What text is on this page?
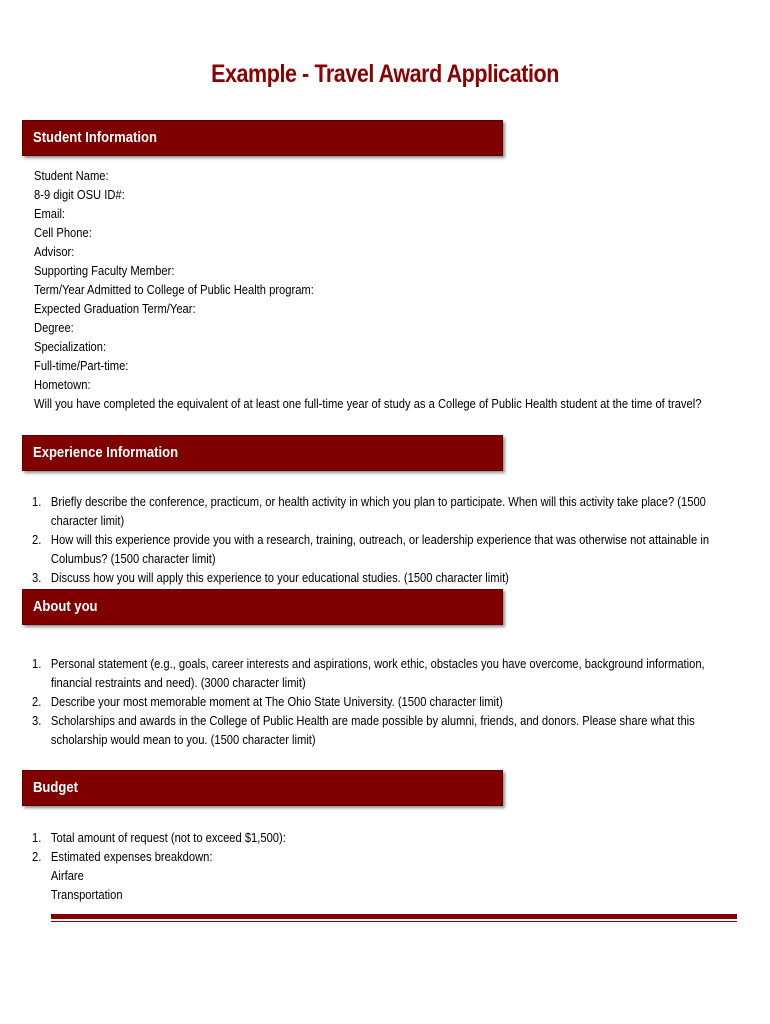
Example - Travel Award Application
Student Information
Student Name:
8-9 digit OSU ID#:
Email:
Cell Phone:
Advisor:
Supporting Faculty Member:
Term/Year Admitted to College of Public Health program:
Expected Graduation Term/Year:
Degree:
Specialization:
Full-time/Part-time:
Hometown:
Will you have completed the equivalent of at least one full-time year of study as a College of Public Health student at the time of travel?
Experience Information
1. Briefly describe the conference, practicum, or health activity in which you plan to participate. When will this activity take place? (1500 character limit)
2. How will this experience provide you with a research, training, outreach, or leadership experience that was otherwise not attainable in Columbus? (1500 character limit)
3. Discuss how you will apply this experience to your educational studies. (1500 character limit)
About you
1. Personal statement (e.g., goals, career interests and aspirations, work ethic, obstacles you have overcome, background information, financial restraints and need). (3000 character limit)
2. Describe your most memorable moment at The Ohio State University. (1500 character limit)
3. Scholarships and awards in the College of Public Health are made possible by alumni, friends, and donors. Please share what this scholarship would mean to you. (1500 character limit)
Budget
1. Total amount of request (not to exceed $1,500):
2. Estimated expenses breakdown:
Airfare
Transportation
